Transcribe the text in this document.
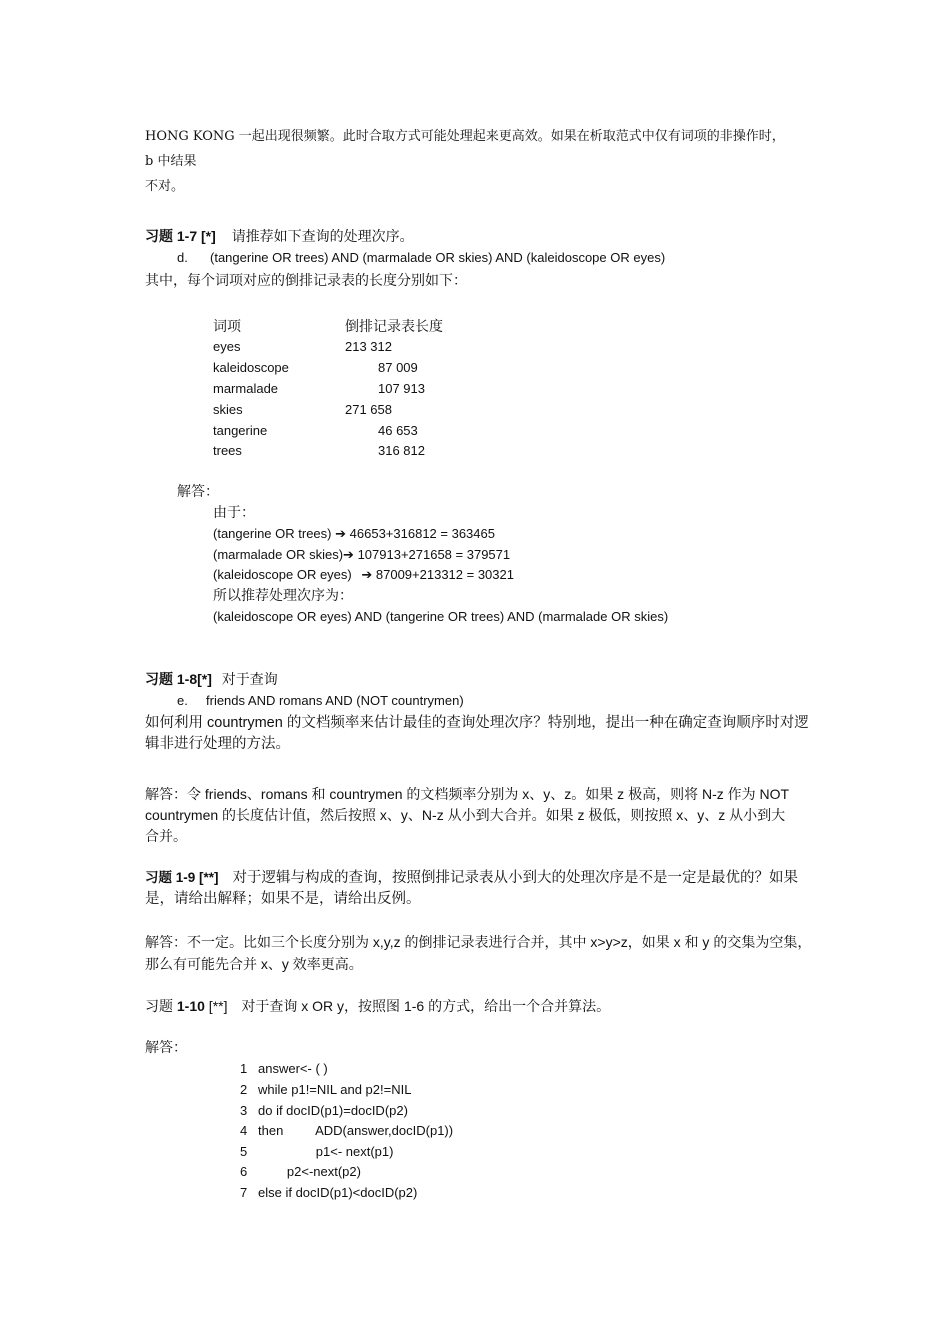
HONG KONG 一起出现很频繁。此时合取方式可能处理起来更高效。如果在析取范式中仅有词项的非操作时，
b 中结果
不对。
习题 1-7 [*] 请推荐如下查询的处理次序。
d. (tangerine OR trees) AND (marmalade OR skies) AND (kaleidoscope OR eyes)
其中，每个词项对应的倒排记录表的长度分别如下：
词项	倒排记录表长度
eyes	213 312
kaleidoscope	87 009
marmalade	107 913
skies	271 658
tangerine	46 653
trees	316 812
解答：
由于：
(tangerine OR trees) ➔ 46653+316812 = 363465
(marmalade OR skies)➔ 107913+271658 = 379571
(kaleidoscope OR eyes) ➔ 87009+213312 = 30321
所以推荐处理次序为：
(kaleidoscope OR eyes) AND (tangerine OR trees) AND (marmalade OR skies)
习题 1-8[*] 对于查询
e. friends AND romans AND (NOT countrymen)
如何利用 countrymen 的文档频率来估计最佳的查询处理次序？特别地，提出一种在确定查询顺序时对逻
辑非进行处理的方法。
解答：令 friends、romans 和 countrymen 的文档频率分别为 x、y、z。如果 z 极高，则将 N-z 作为 NOT
countrymen 的长度估计值，然后按照 x、y、N-z 从小到大合并。如果 z 极低，则按照 x、y、z 从小到大
合并。
习题 1-9 [**] 对于逻辑与构成的查询，按照倒排记录表从小到大的处理次序是不是一定是最优的？如果
是，请给出解释；如果不是，请给出反例。
解答：不一定。比如三个长度分别为 x,y,z 的倒排记录表进行合并，其中 x>y>z，如果 x 和 y 的交集为空集，
那么有可能先合并 x、y 效率更高。
习题 1-10 [**] 对于查询 x OR y，按照图 1-6 的方式，给出一个合并算法。
解答：
1 answer<- ( )
2 while p1!=NIL and p2!=NIL
3 do if docID(p1)=docID(p2)
4 then         ADD(answer,docID(p1))
5 p1<- next(p1)
6 p2<-next(p2)
7 else if docID(p1)<docID(p2)
